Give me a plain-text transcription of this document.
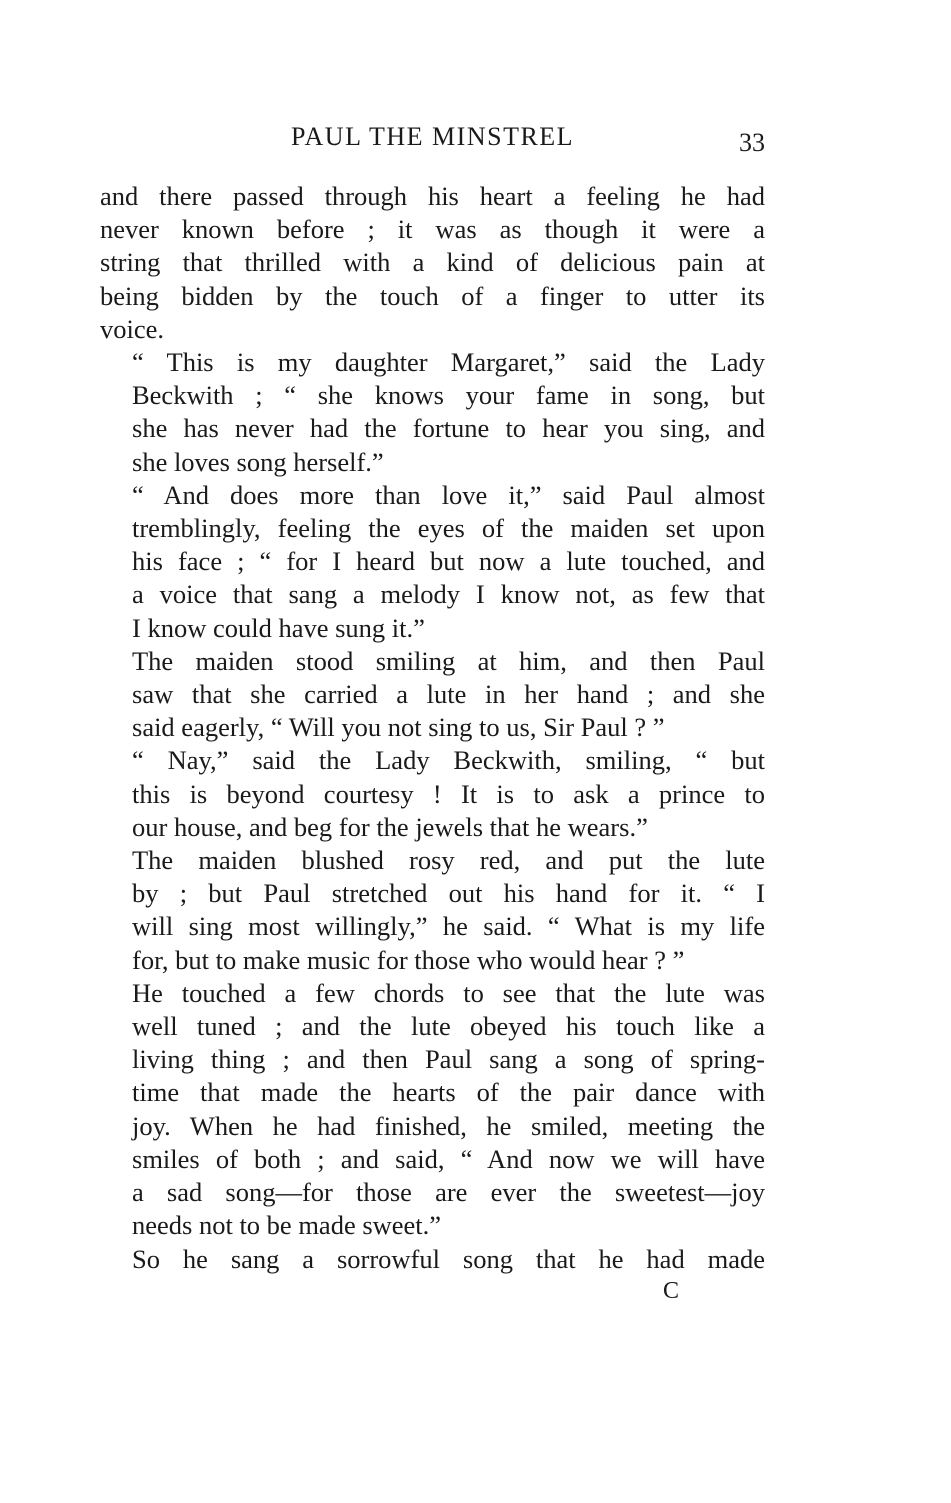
PAUL THE MINSTREL	33
and there passed through his heart a feeling he had
never known before ; it was as though it were a
string that thrilled with a kind of delicious pain at
being bidden by the touch of a finger to utter its
voice.
“ This is my daughter Margaret,” said the Lady
Beckwith ; “ she knows your fame in song, but
she has never had the fortune to hear you sing, and
she loves song herself.”
“ And does more than love it,” said Paul almost
tremblingly, feeling the eyes of the maiden set upon
his face ; “ for I heard but now a lute touched, and
a voice that sang a melody I know not, as few that
I know could have sung it.”
The maiden stood smiling at him, and then Paul
saw that she carried a lute in her hand ; and she
said eagerly, “ Will you not sing to us, Sir Paul ? ”
“ Nay,” said the Lady Beckwith, smiling, “ but
this is beyond courtesy ! It is to ask a prince to
our house, and beg for the jewels that he wears.”
The maiden blushed rosy red, and put the lute
by ; but Paul stretched out his hand for it. “ I
will sing most willingly,” he said. “ What is my life
for, but to make music for those who would hear ? ”
He touched a few chords to see that the lute was
well tuned ; and the lute obeyed his touch like a
living thing ; and then Paul sang a song of spring-
time that made the hearts of the pair dance with
joy. When he had finished, he smiled, meeting the
smiles of both ; and said, “ And now we will have
a sad song—for those are ever the sweetest—joy
needs not to be made sweet.”
So he sang a sorrowful song that he had made
C
